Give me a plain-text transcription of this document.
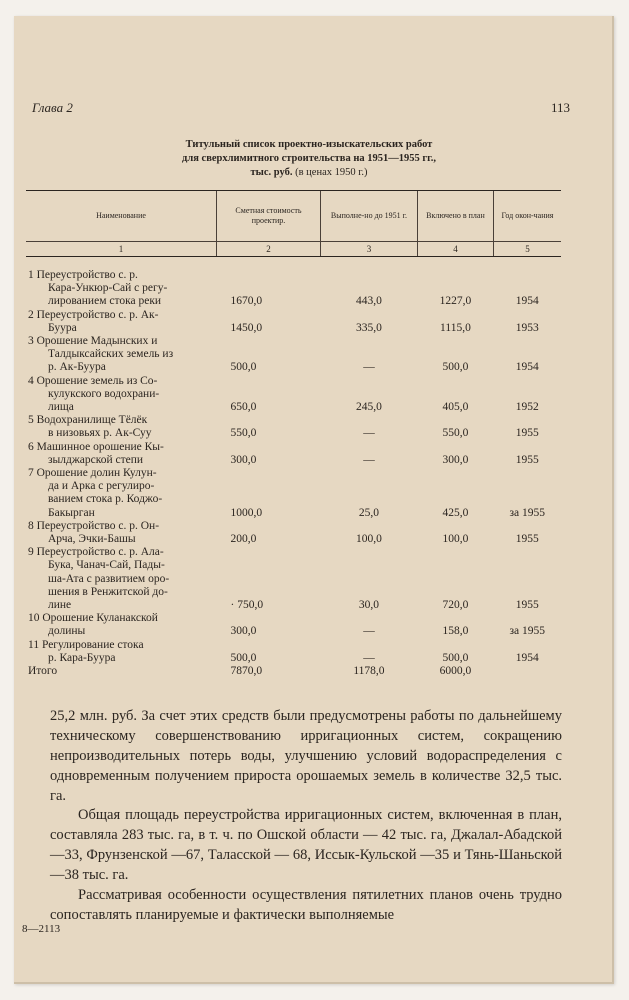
Глава 2	113
Титульный список проектно-изыскательских работ
для сверхлимитного строительства на 1951—1955 гг.,
тыс. руб. (в ценах 1950 г.)
Наименование	Сметная стоимость проектир.	Выполне-но до 1951 г.	Включено в план	Год окон-чания
1	2	3	4	5

1 Переустройство с. р.
Кара-Ункюр-Сай с регу-
лированием стока реки	1670,0	443,0	1227,0	1954

2 Переустройство с. р. Ак-
Буура	1450,0	335,0	1115,0	1953

3 Орошение Мадынских и
Талдыксайских земель из
р. Ак-Буура	500,0	—	500,0	1954

4 Орошение земель из Со-
кулукского водохрани-
лища	650,0	245,0	405,0	1952

5 Водохранилище Тёлёк
в низовьях р. Ак-Суу	550,0	—	550,0	1955

6 Машинное орошение Кы-
зылджарской степи	300,0	—	300,0	1955

7 Орошение долин Кулун-
да и Арка с регулиро-
ванием стока р. Коджо-
Бакырган	1000,0	25,0	425,0	за 1955

8 Переустройство с. р. Он-
Арча, Эчки-Башы	200,0	100,0	100,0	1955

9 Переустройство с. р. Ала-
Бука, Чанач-Сай, Пады-
ша-Ата с развитием оро-
шения в Ренжитской до-
лине	· 750,0	30,0	720,0	1955

10 Орошение Куланакской
долины	300,0	—	158,0	за 1955

11 Регулирование стока
р. Кара-Буура	500,0	—	500,0	1954

Итого	7870,0	1178,0	6000,0	
25,2 млн. руб. За счет этих средств были предусмотрены работы по дальнейшему техническому совершенствованию ирригационных систем, сокращению непроизводительных потерь воды, улучшению условий водораспределения с одновременным получением прироста орошаемых земель в количестве 32,5 тыс. га.
Общая площадь переустройства ирригационных систем, включенная в план, составляла 283 тыс. га, в т. ч. по Ошской области — 42 тыс. га, Джалал-Абадской —33, Фрунзенской —67, Таласской — 68, Иссык-Кульской —35 и Тянь-Шаньской —38 тыс. га.
Рассматривая особенности осуществления пятилетних планов очень трудно сопоставлять планируемые и фактически выполняемые
8—2113
